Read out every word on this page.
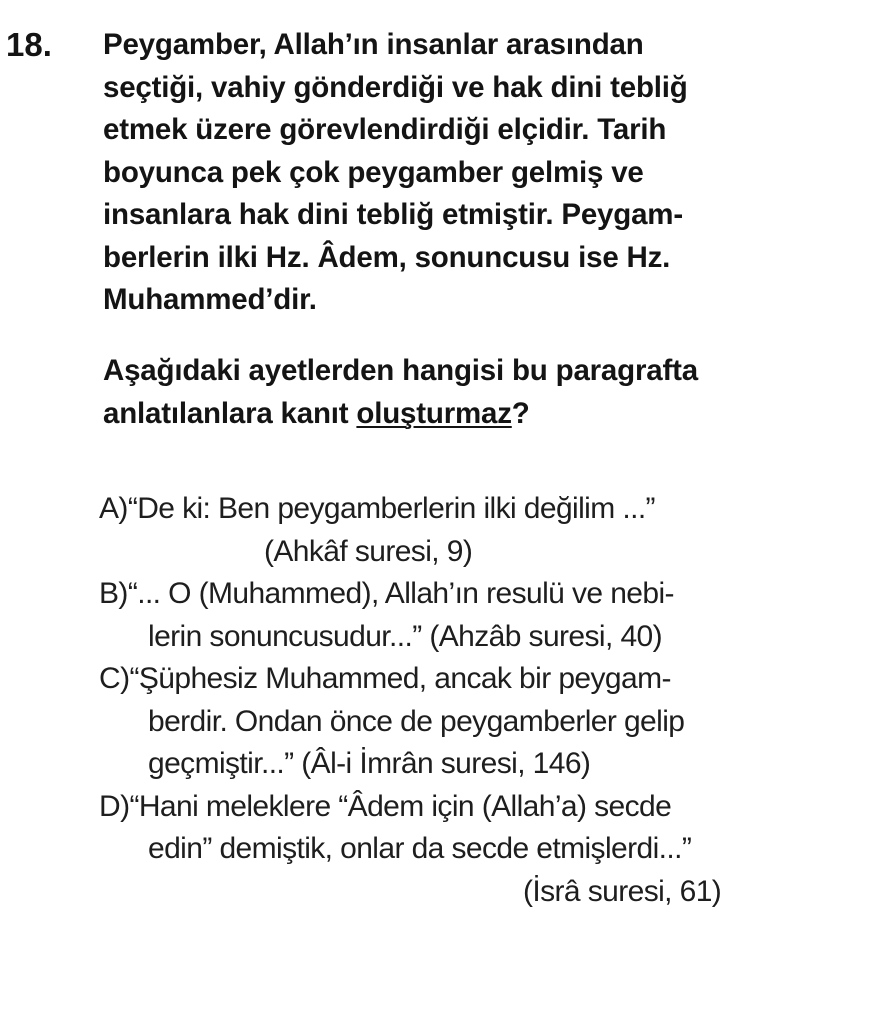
18. Peygamber, Allah’ın insanlar arasından
seçtiği, vahiy gönderdiği ve hak dini tebliğ
etmek üzere görevlendirdiği elçidir. Tarih
boyunca pek çok peygamber gelmiş ve
insanlara hak dini tebliğ etmiştir. Peygam-
berlerin ilki Hz. Âdem, sonuncusu ise Hz.
Muhammed’dir.
Aşağıdaki ayetlerden hangisi bu paragrafta
anlatılanlara kanıt oluşturmaz?
A)“De ki: Ben peygamberlerin ilki değilim ...”
(Ahkâf suresi, 9)
B)“... O (Muhammed), Allah’ın resulü ve nebi-
lerin sonuncusudur...” (Ahzâb suresi, 40)
C)“Şüphesiz Muhammed, ancak bir peygam-
berdir. Ondan önce de peygamberler gelip
geçmiştir...” (Âl-i İmrân suresi, 146)
D)“Hani meleklere “Âdem için (Allah’a) secde
edin” demiştik, onlar da secde etmişlerdi...”
(İsrâ suresi, 61)
